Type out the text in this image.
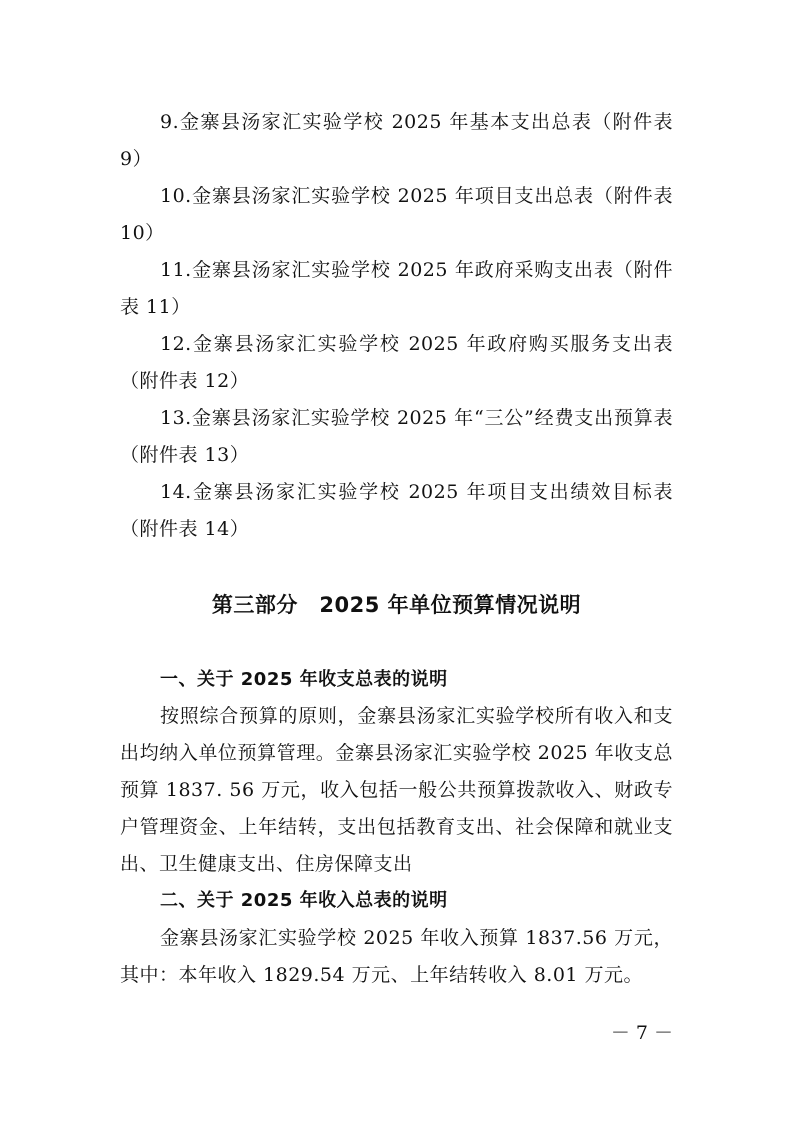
9.金寨县汤家汇实验学校 2025 年基本支出总表（附件表9）

10.金寨县汤家汇实验学校 2025 年项目支出总表（附件表 10）

11.金寨县汤家汇实验学校 2025 年政府采购支出表（附件表 11）

12.金寨县汤家汇实验学校 2025 年政府购买服务支出表（附件表 12）

13.金寨县汤家汇实验学校 2025 年“三公”经费支出预算表（附件表 13）

14.金寨县汤家汇实验学校 2025 年项目支出绩效目标表（附件表 14）

第三部分　2025 年单位预算情况说明
一、关于 2025 年收支总表的说明

按照综合预算的原则，金寨县汤家汇实验学校所有收入和支出均纳入单位预算管理。金寨县汤家汇实验学校 2025 年收支总预算 1837. 56 万元，收入包括一般公共预算拨款收入、财政专户管理资金、上年结转，支出包括教育支出、社会保障和就业支出、卫生健康支出、住房保障支出

二、关于 2025 年收入总表的说明

金寨县汤家汇实验学校 2025 年收入预算 1837.56 万元，其中：本年收入 1829.54 万元、上年结转收入 8.01 万元。

－ 7 －
